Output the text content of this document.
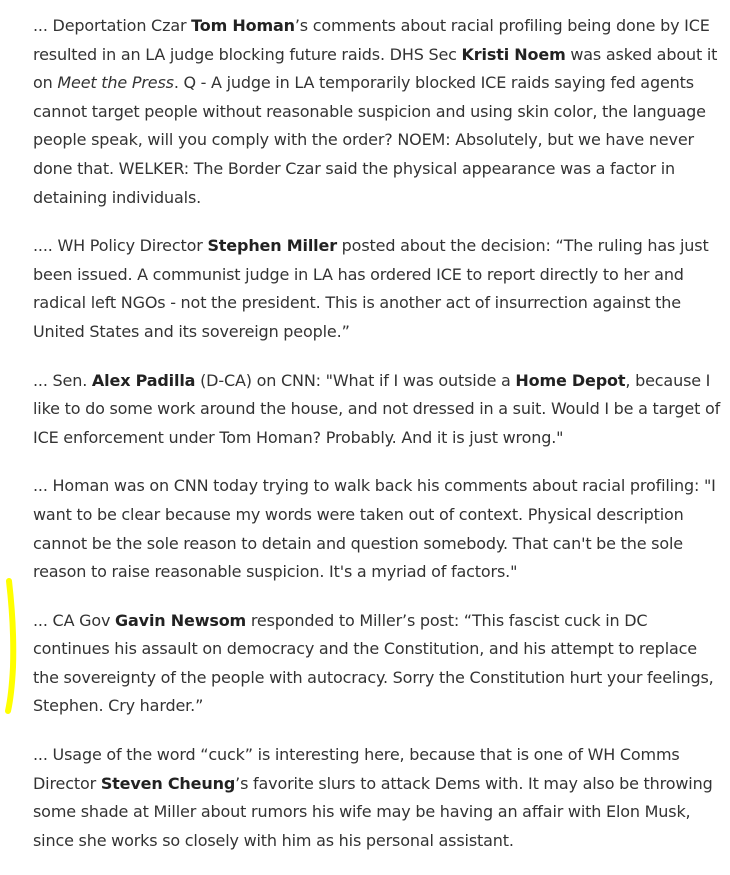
... Deportation Czar Tom Homan’s comments about racial profiling being done by ICE resulted in an LA judge blocking future raids. DHS Sec Kristi Noem was asked about it on Meet the Press. Q - A judge in LA temporarily blocked ICE raids saying fed agents cannot target people without reasonable suspicion and using skin color, the language people speak, will you comply with the order? NOEM: Absolutely, but we have never done that. WELKER: The Border Czar said the physical appearance was a factor in detaining individuals.

.... WH Policy Director Stephen Miller posted about the decision: “The ruling has just been issued. A communist judge in LA has ordered ICE to report directly to her and radical left NGOs - not the president. This is another act of insurrection against the United States and its sovereign people.”

... Sen. Alex Padilla (D-CA) on CNN: "What if I was outside a Home Depot, because I like to do some work around the house, and not dressed in a suit. Would I be a target of ICE enforcement under Tom Homan? Probably. And it is just wrong."

... Homan was on CNN today trying to walk back his comments about racial profiling: "I want to be clear because my words were taken out of context. Physical description cannot be the sole reason to detain and question somebody. That can't be the sole reason to raise reasonable suspicion. It's a myriad of factors."

... CA Gov Gavin Newsom responded to Miller’s post: “This fascist cuck in DC continues his assault on democracy and the Constitution, and his attempt to replace the sovereignty of the people with autocracy. Sorry the Constitution hurt your feelings, Stephen. Cry harder.”

... Usage of the word “cuck” is interesting here, because that is one of WH Comms Director Steven Cheung’s favorite slurs to attack Dems with. It may also be throwing some shade at Miller about rumors his wife may be having an affair with Elon Musk, since she works so closely with him as his personal assistant.
